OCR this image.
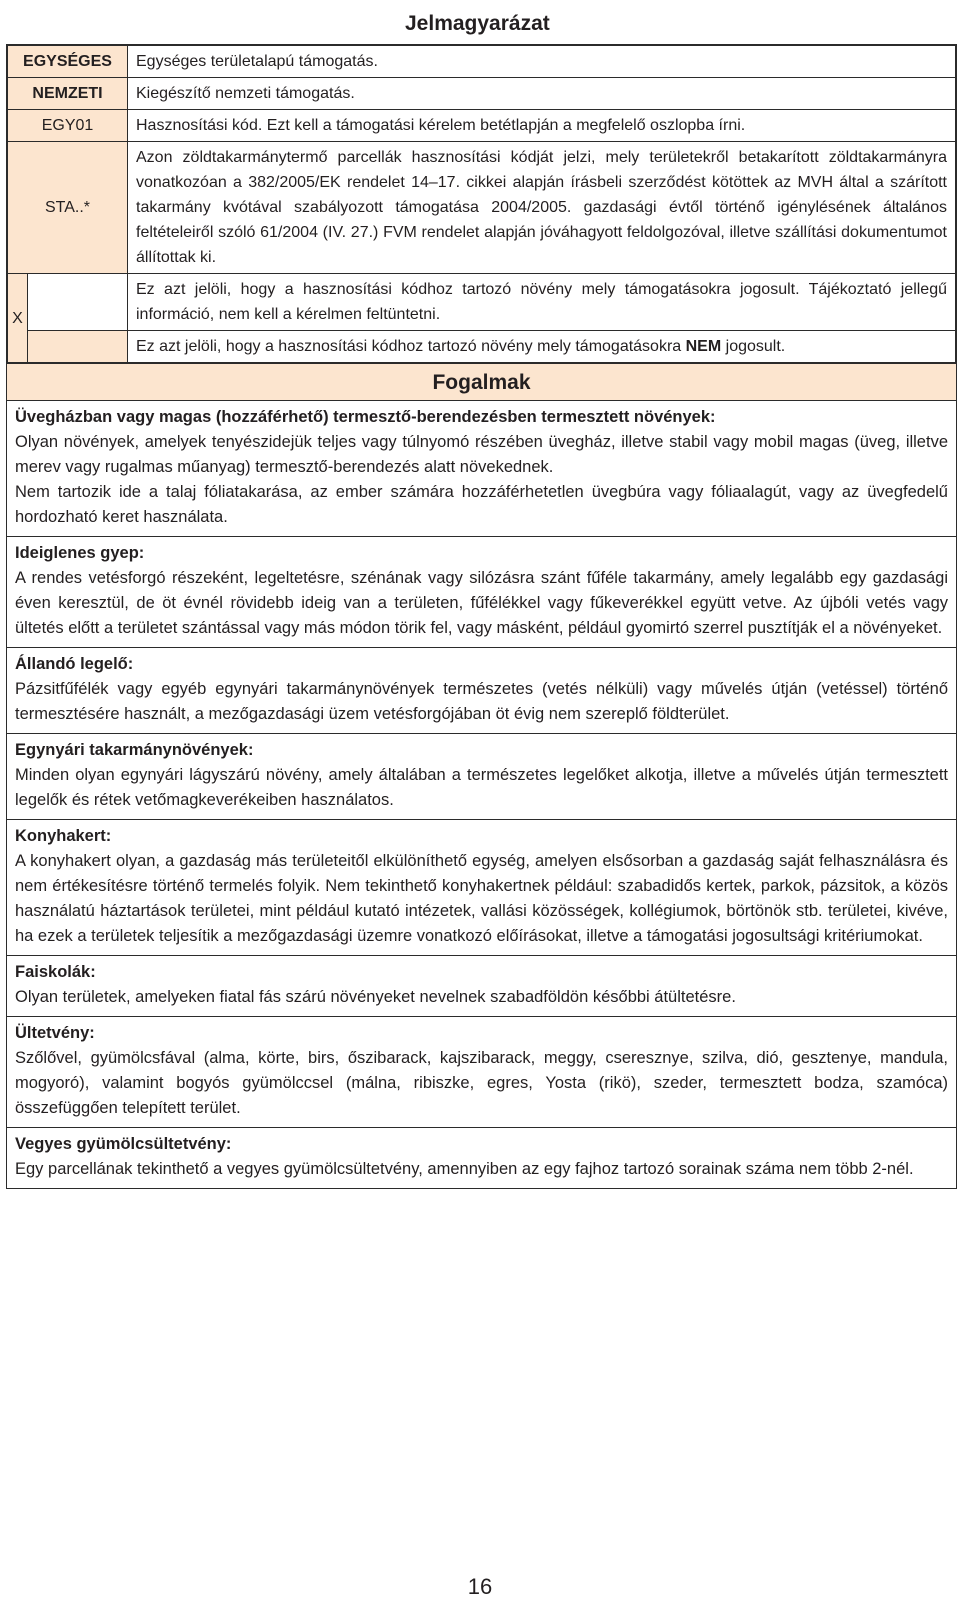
Jelmagyarázat
EGYSÉGES		Egységes területalapú támogatás.
NEMZETI		Kiegészítő nemzeti támogatás.
EGY01		Hasznosítási kód. Ezt kell a támogatási kérelem betétlapján a megfelelő oszlopba írni.
STA..*		Azon zöldtakarmánytermő parcellák hasznosítási kódját jelzi, mely területekről betakarított zöldtakarmányra vonatkozóan a 382/2005/EK rendelet 14–17. cikkei alapján írásbeli szerződést kötöttek az MVH által a szárított takarmány kvótával szabályozott támogatása 2004/2005. gazdasági évtől történő igénylésének általános feltételeiről szóló 61/2004 (IV. 27.) FVM rendelet alapján jóváhagyott feldolgozóval, illetve szállítási dokumentumot állítottak ki.
X		Ez azt jelöli, hogy a hasznosítási kódhoz tartozó növény mely támogatásokra jogosult. Tájékoztató jellegű információ, nem kell a kérelmen feltüntetni.
		Ez azt jelöli, hogy a hasznosítási kódhoz tartozó növény mely támogatásokra NEM jogosult.
Fogalmak
Üvegházban vagy magas (hozzáférhető) termesztő-berendezésben termesztett növények:

Olyan növények, amelyek tenyészidejük teljes vagy túlnyomó részében üvegház, illetve stabil vagy mobil magas (üveg, illetve merev vagy rugalmas műanyag) termesztő-berendezés alatt növekednek.

Nem tartozik ide a talaj fóliatakarása, az ember számára hozzáférhetetlen üvegbúra vagy fóliaalagút, vagy az üvegfedelű hordozható keret használata.

Ideiglenes gyep:

A rendes vetésforgó részeként, legeltetésre, szénának vagy silózásra szánt fűféle takarmány, amely legalább egy gazdasági éven keresztül, de öt évnél rövidebb ideig van a területen, fűfélékkel vagy fűkeverékkel együtt vetve. Az újbóli vetés vagy ültetés előtt a területet szántással vagy más módon törik fel, vagy másként, például gyomirtó szerrel pusztítják el a növényeket.

Állandó legelő:

Pázsitfűfélék vagy egyéb egynyári takarmánynövények természetes (vetés nélküli) vagy művelés útján (vetéssel) történő termesztésére használt, a mezőgazdasági üzem vetésforgójában öt évig nem szereplő földterület.

Egynyári takarmánynövények:

Minden olyan egynyári lágyszárú növény, amely általában a természetes legelőket alkotja, illetve a művelés útján termesztett legelők és rétek vetőmagkeverékeiben használatos.

Konyhakert:

A konyhakert olyan, a gazdaság más területeitől elkülöníthető egység, amelyen elsősorban a gazdaság saját felhasználásra és nem értékesítésre történő termelés folyik. Nem tekinthető konyhakertnek például: szabadidős kertek, parkok, pázsitok, a közös használatú háztartások területei, mint például kutató intézetek, vallási közösségek, kollégiumok, börtönök stb. területei, kivéve, ha ezek a területek teljesítik a mezőgazdasági üzemre vonatkozó előírásokat, illetve a támogatási jogosultsági kritériumokat.

Faiskolák:

Olyan területek, amelyeken fiatal fás szárú növényeket nevelnek szabadföldön későbbi átültetésre.

Ültetvény:

Szőlővel, gyümölcsfával (alma, körte, birs, őszibarack, kajszibarack, meggy, cseresznye, szilva, dió, gesztenye, mandula, mogyoró), valamint bogyós gyümölccsel (málna, ribiszke, egres, Yosta (rikö), szeder, termesztett bodza, szamóca) összefüggően telepített terület.

Vegyes gyümölcsültetvény:

Egy parcellának tekinthető a vegyes gyümölcsültetvény, amennyiben az egy fajhoz tartozó sorainak száma nem több 2-nél.

16
